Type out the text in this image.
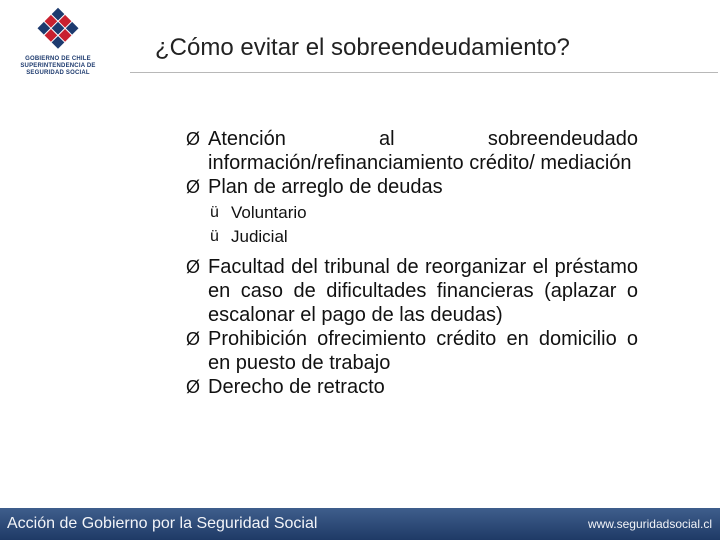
GOBIERNO DE CHILE
SUPERINTENDENCIA DE
SEGURIDAD SOCIAL
¿Cómo evitar el sobreendeudamiento?
Ø Atención al sobreendeudado información/refinanciamiento crédito/ mediación
Ø Plan de arreglo de deudas
ü Voluntario
ü Judicial
Ø Facultad del tribunal de reorganizar el préstamo en caso de dificultades financieras (aplazar o escalonar el pago de las deudas)
Ø Prohibición ofrecimiento crédito en domicilio o en puesto de trabajo
Ø Derecho de retracto
Acción de Gobierno por la Seguridad Social	www.seguridadsocial.cl
